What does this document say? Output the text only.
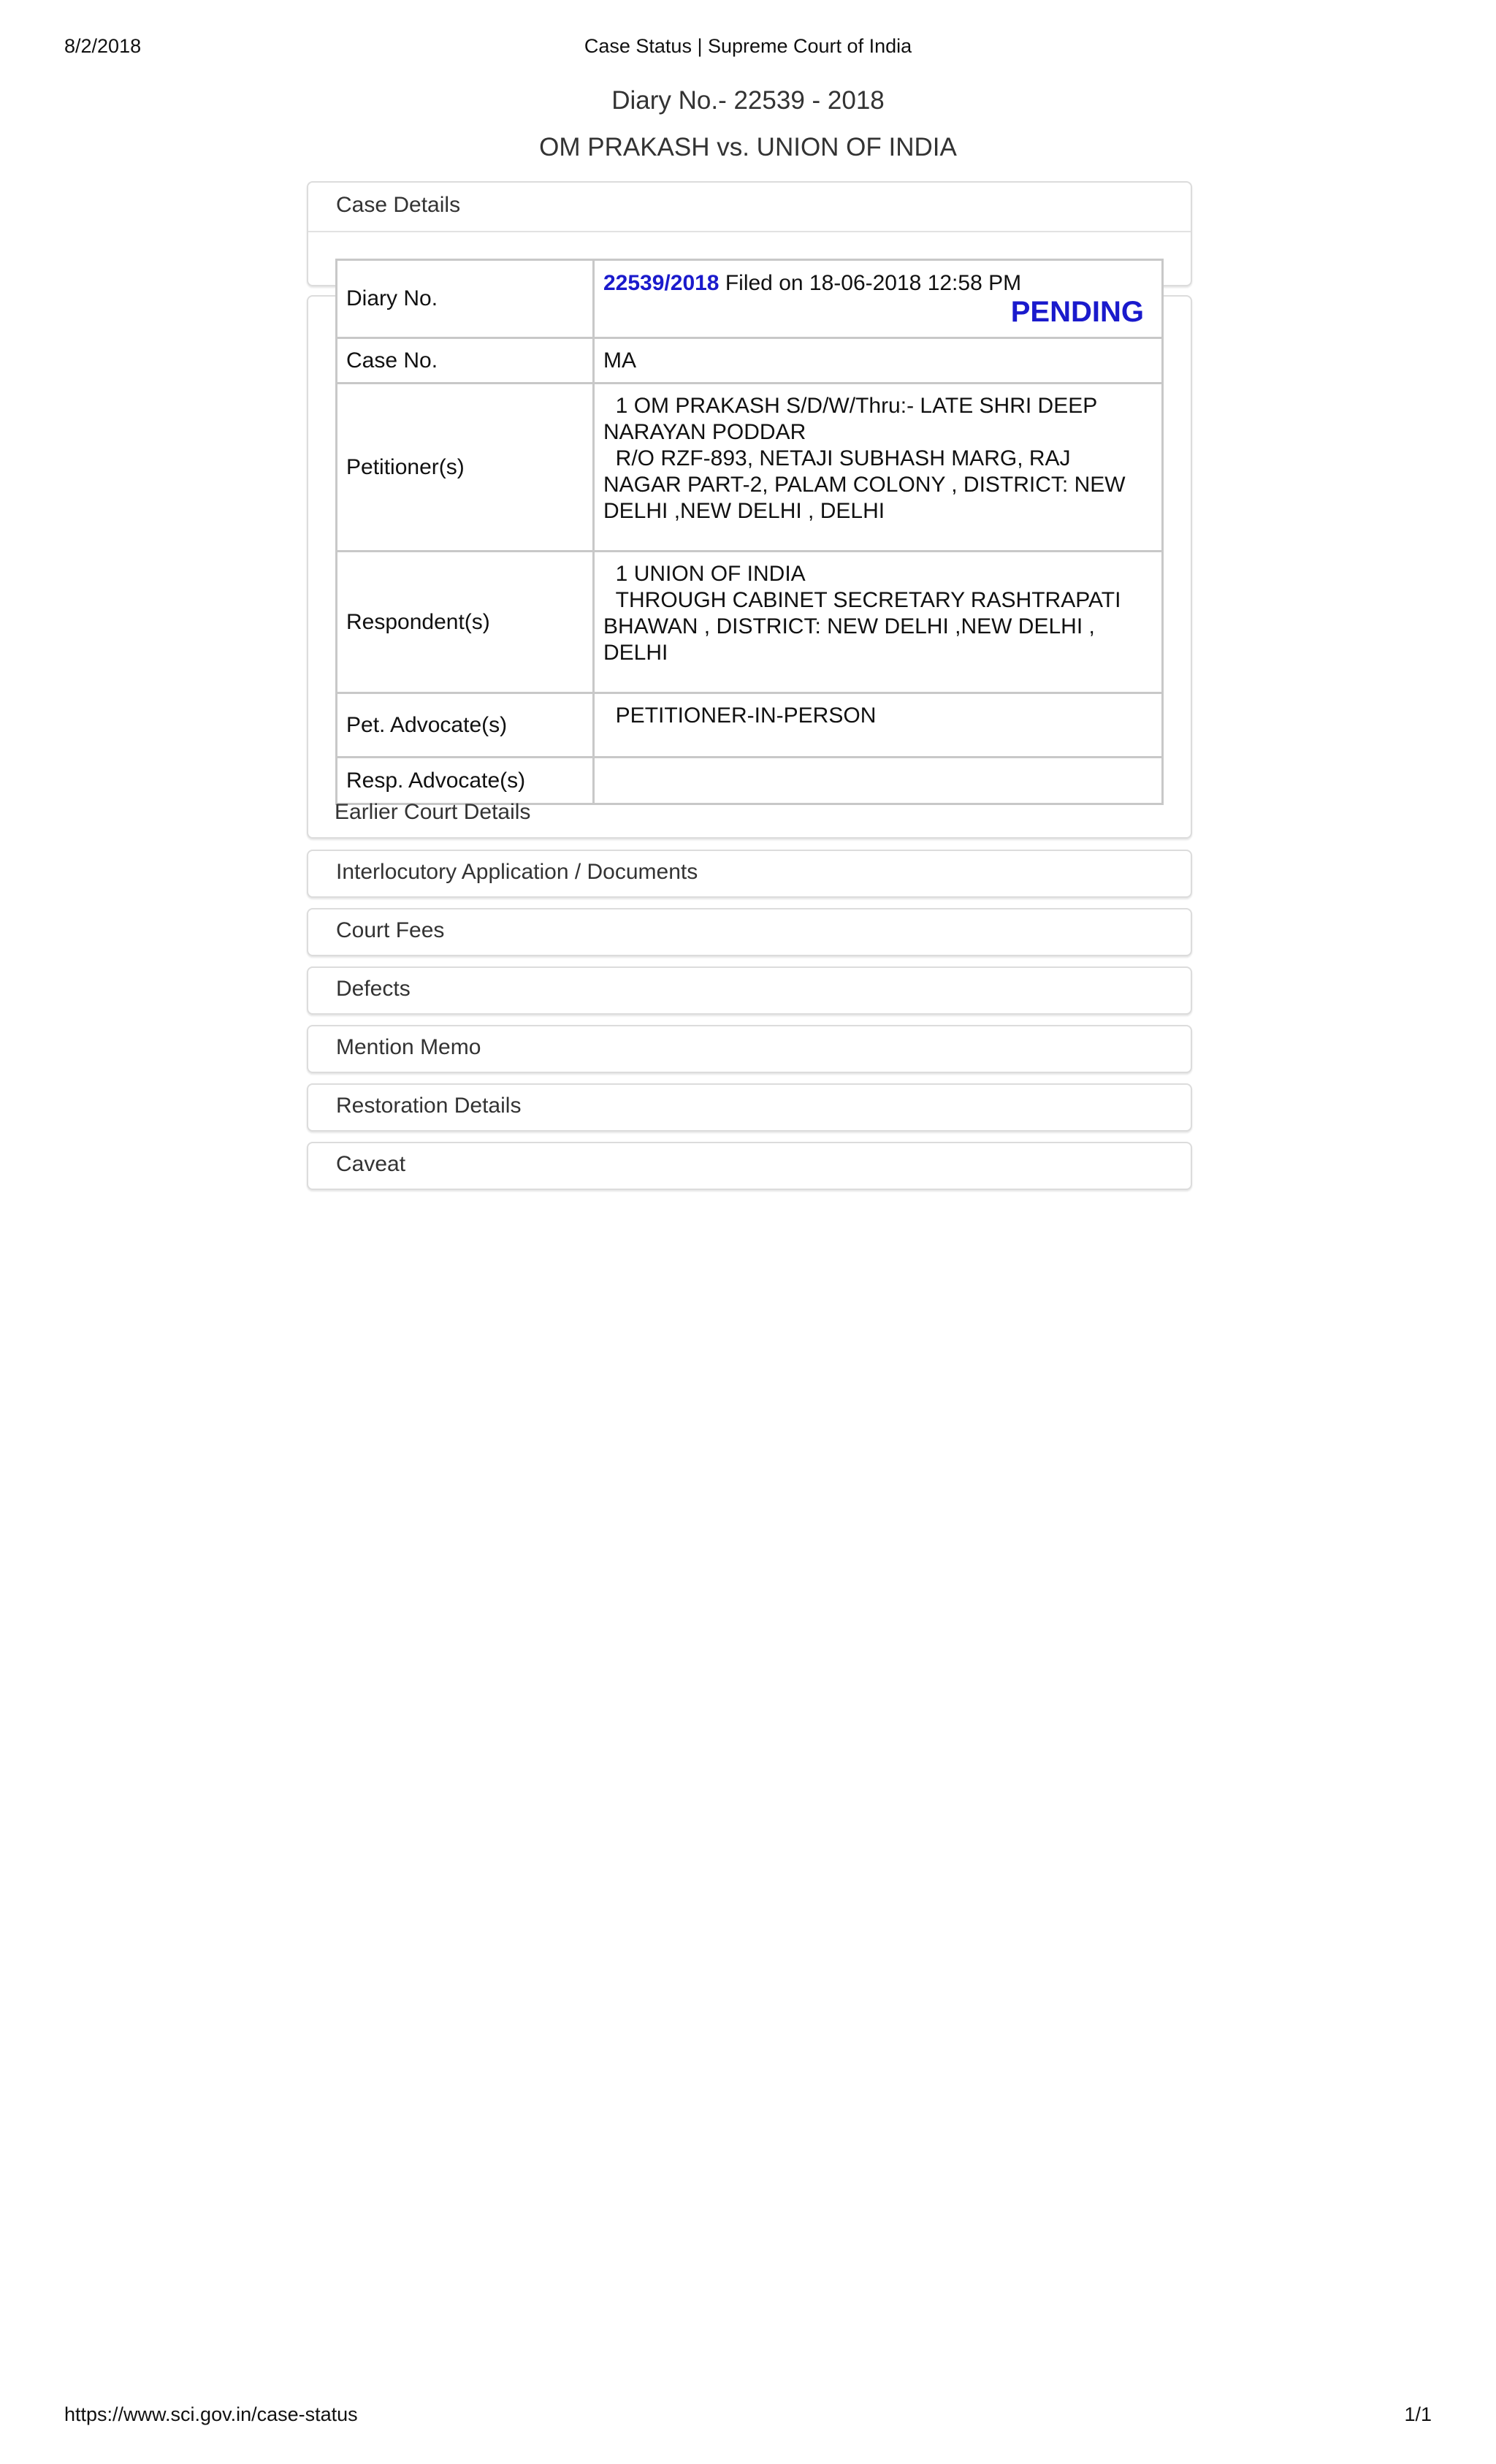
8/2/2018	Case Status | Supreme Court of India
Diary No.- 22539 - 2018
OM PRAKASH vs. UNION OF INDIA
Case Details
Earlier Court Details
Diary No.	22539/2018 Filed on 18-06-2018 12:58 PM
PENDING

Case No.	MA
Petitioner(s)	1 OM PRAKASH S/D/W/Thru:- LATE SHRI DEEP NARAYAN PODDAR
R/O RZF-893, NETAJI SUBHASH MARG, RAJ NAGAR PART-2, PALAM COLONY , DISTRICT: NEW DELHI ,NEW DELHI , DELHI

Respondent(s)	1 UNION OF INDIA
THROUGH CABINET SECRETARY RASHTRAPATI BHAWAN , DISTRICT: NEW DELHI ,NEW DELHI , DELHI

Pet. Advocate(s)	PETITIONER-IN-PERSON
Resp. Advocate(s)	
Interlocutory Application / Documents
Court Fees
Defects
Mention Memo
Restoration Details
Caveat
https://www.sci.gov.in/case-status	1/1
